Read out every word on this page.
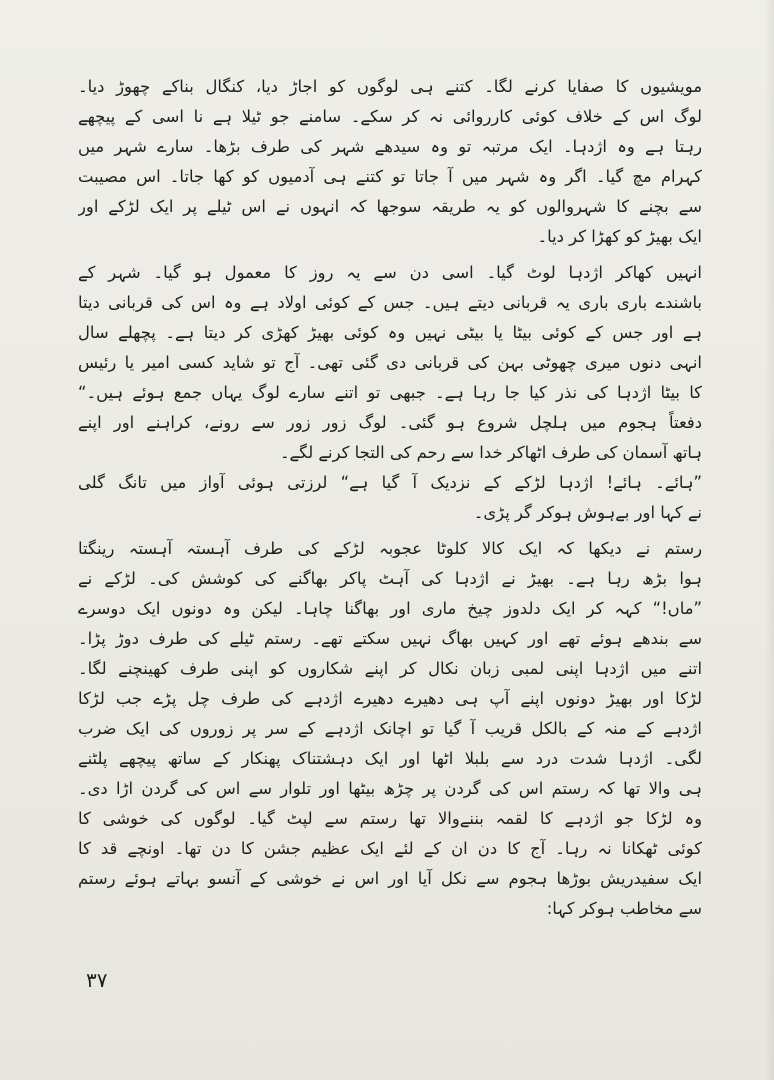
مویشیوں کا صفایا کرنے لگا۔ کتنے ہی لوگوں کو اجاڑ دیا، کنگال بناکے چھوڑ دیا۔
لوگ اس کے خلاف کوئی کارروائی نہ کر سکے۔ سامنے جو ٹیلا ہے نا اسی کے پیچھے
رہتا ہے وہ اژدہا۔ ایک مرتبہ تو وہ سیدھے شہر کی طرف بڑھا۔ سارے شہر میں
کہرام مچ گیا۔ اگر وہ شہر میں آ جاتا تو کتنے ہی آدمیوں کو کھا جاتا۔ اس مصیبت
سے بچنے کا شہروالوں کو یہ طریقہ سوجھا کہ انہوں نے اس ٹیلے پر ایک لڑکے اور
ایک بھیڑ کو کھڑا کر دیا۔
انہیں کھاکر اژدہا لوٹ گیا۔ اسی دن سے یہ روز کا معمول ہو گیا۔ شہر کے
باشندے باری باری یہ قربانی دیتے ہیں۔ جس کے کوئی اولاد ہے وہ اس کی قربانی دیتا
ہے اور جس کے کوئی بیٹا یا بیٹی نہیں وہ کوئی بھیڑ کھڑی کر دیتا ہے۔ پچھلے سال
انہی دنوں میری چھوٹی بہن کی قربانی دی گئی تھی۔ آج تو شاید کسی امیر یا رئیس
کا بیٹا اژدہا کی نذر کیا جا رہا ہے۔ جبھی تو اتنے سارے لوگ یہاں جمع ہوئے ہیں۔“
دفعتاً ہجوم میں ہلچل شروع ہو گئی۔ لوگ زور زور سے رونے، کراہنے اور اپنے
ہاتھ آسمان کی طرف اٹھاکر خدا سے رحم کی التجا کرنے لگے۔
”ہائے۔ ہائے! اژدہا لڑکے کے نزدیک آ گیا ہے“ لرزتی ہوئی آواز میں تانگ گلی
نے کہا اور بےہوش ہوکر گر پڑی۔
رستم نے دیکھا کہ ایک کالا کلوٹا عجوبہ لڑکے کی طرف آہستہ آہستہ رینگتا
ہوا بڑھ رہا ہے۔ بھیڑ نے اژدہا کی آہٹ پاکر بھاگنے کی کوشش کی۔ لڑکے نے
”ماں!“ کہہ کر ایک دلدوز چیخ ماری اور بھاگنا چاہا۔ لیکن وہ دونوں ایک دوسرے
سے بندھے ہوئے تھے اور کہیں بھاگ نہیں سکتے تھے۔ رستم ٹیلے کی طرف دوڑ پڑا۔
اتنے میں اژدہا اپنی لمبی زبان نکال کر اپنے شکاروں کو اپنی طرف کھینچنے لگا۔
لڑکا اور بھیڑ دونوں اپنے آپ ہی دھیرے دھیرے اژدہے کی طرف چل پڑے جب لڑکا
اژدہے کے منہ کے بالکل قریب آ گیا تو اچانک اژدہے کے سر پر زوروں کی ایک ضرب
لگی۔ اژدہا شدت درد سے بلبلا اٹھا اور ایک دہشتناک پھنکار کے ساتھ پیچھے پلٹنے
ہی والا تھا کہ رستم اس کی گردن پر چڑھ بیٹھا اور تلوار سے اس کی گردن اڑا دی۔
وہ لڑکا جو اژدہے کا لقمہ بننےوالا تھا رستم سے لپٹ گیا۔ لوگوں کی خوشی کا
کوئی ٹھکانا نہ رہا۔ آج کا دن ان کے لئے ایک عظیم جشن کا دن تھا۔ اونچے قد کا
ایک سفیدریش بوڑھا ہجوم سے نکل آیا اور اس نے خوشی کے آنسو بہاتے ہوئے رستم
سے مخاطب ہوکر کہا:
۳۷
